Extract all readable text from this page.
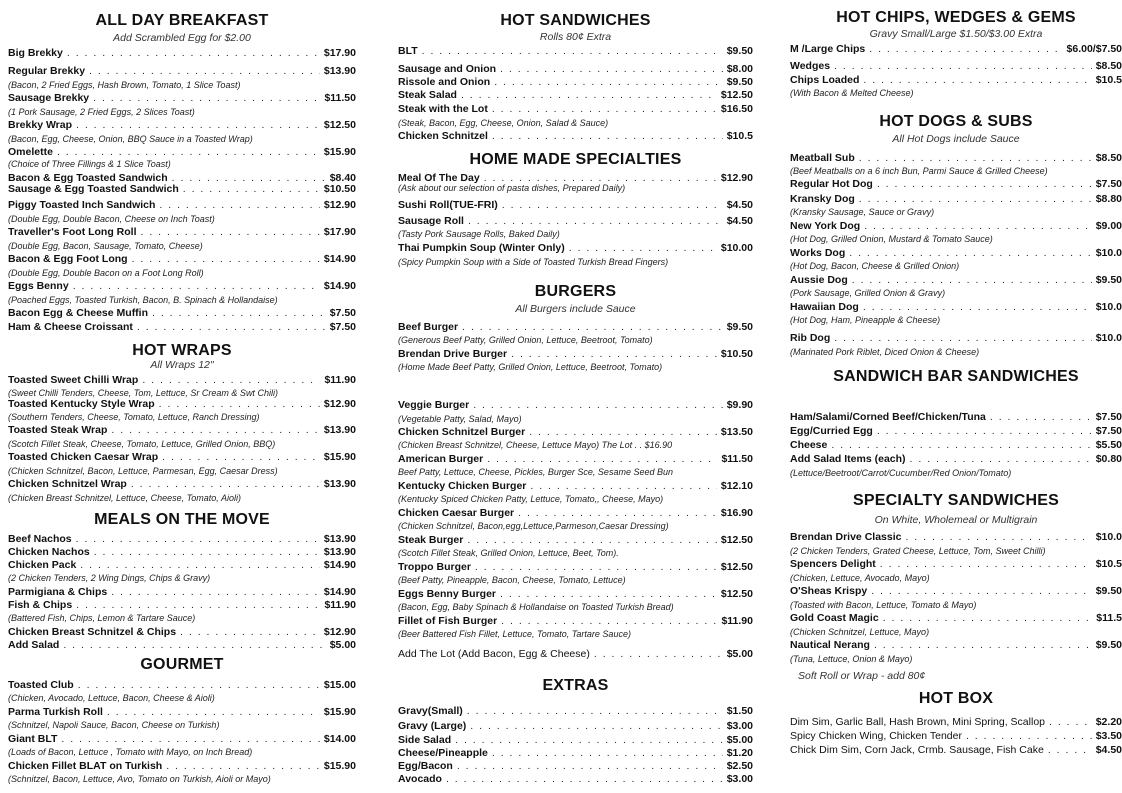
ALL DAY BREAKFAST
Add Scrambled Egg for $2.00
Big Brekky . . .	$17.90
Regular Brekky . . .	$13.90
(Bacon, 2 Fried Eggs, Hash Brown, Tomato, 1 Slice Toast)
Sausage Brekky . . .	$11.50
(1 Pork Sausage, 2 Fried Eggs, 2 Slices Toast)
Brekky Wrap . . .	$12.50
(Bacon, Egg, Cheese, Onion, BBQ Sauce in a Toasted Wrap)
Omelette . . .	$15.90
(Choice of Three Fillings & 1 Slice Toast)
Bacon & Egg Toasted Sandwich . . .	$8.40
Sausage & Egg Toasted Sandwich . . .	$10.50
Piggy Toasted Inch Sandwich . . .	$12.90
(Double Egg, Double Bacon, Cheese on Inch Toast)
Traveller's Foot Long Roll . . .	$17.90
(Double Egg, Bacon, Sausage, Tomato, Cheese)
Bacon & Egg Foot Long . . .	$14.90
(Double Egg, Double Bacon on a Foot Long Roll)
Eggs Benny . . .	$14.90
(Poached Eggs, Toasted Turkish, Bacon, B. Spinach & Hollandaise)
Bacon Egg & Cheese Muffin . . .	$7.50
Ham & Cheese Croissant . . .	$7.50
HOT WRAPS
All Wraps 12"
Toasted Sweet Chilli Wrap . . .	$11.90
(Sweet Chilli Tenders, Cheese, Tom, Lettuce, Sr Cream & Swt Chili)
Toasted Kentucky Style Wrap . . .	$12.90
(Southern Tenders, Cheese, Tomato, Lettuce, Ranch Dressing)
Toasted Steak Wrap . . .	$13.90
(Scotch Fillet Steak, Cheese, Tomato, Lettuce, Grilled Onion, BBQ)
Toasted Chicken Caesar Wrap . . .	$15.90
(Chicken Schnitzel, Bacon, Lettuce, Parmesan, Egg, Caesar Dress)
Chicken Schnitzel Wrap . . .	$13.90
(Chicken Breast Schnitzel, Lettuce, Cheese, Tomato, Aioli)
MEALS ON THE MOVE
Beef Nachos . . .	$13.90
Chicken Nachos . . .	$13.90
Chicken Pack . . .	$14.90
(2 Chicken Tenders, 2 Wing Dings, Chips & Gravy)
Parmigiana & Chips . . .	$14.90
Fish & Chips . . .	$11.90
(Battered Fish, Chips, Lemon & Tartare Sauce)
Chicken Breast Schnitzel & Chips . . .	$12.90
Add Salad . . .	$5.00
GOURMET
Toasted Club . . .	$15.00
(Chicken, Avocado, Lettuce, Bacon, Cheese & Aioli)
Parma Turkish Roll . . .	$15.90
(Schnitzel, Napoli Sauce, Bacon, Cheese on Turkish)
Giant BLT . . .	$14.00
(Loads of Bacon, Lettuce , Tomato with Mayo, on Inch Bread)
Chicken Fillet BLAT on Turkish . . .	$15.90
(Schnitzel, Bacon, Lettuce, Avo, Tomato on Turkish, Aioli or Mayo)
HOT SANDWICHES
Rolls 80¢ Extra
BLT . . .	$9.50
Sausage and Onion . . .	$8.00
Rissole and Onion . . .	$9.50
Steak Salad . . .	$12.50
Steak with the Lot . . .	$16.50
(Steak, Bacon, Egg, Cheese, Onion, Salad & Sauce)
Chicken Schnitzel . . .	$10.5
HOME MADE SPECIALTIES
Meal Of The Day . . .	$12.90
(Ask about our selection of pasta dishes, Prepared Daily)
Sushi Roll(TUE-FRI) . . .	$4.50
Sausage Roll . . .	$4.50
(Tasty Pork Sausage Rolls, Baked Daily)
Thai Pumpkin Soup (Winter Only) . . .	$10.00
(Spicy Pumpkin Soup with a Side of Toasted Turkish Bread Fingers)
BURGERS
All Burgers include Sauce
Beef Burger . . .	$9.50
(Generous Beef Patty, Grilled Onion, Lettuce, Beetroot, Tomato)
Brendan Drive Burger . . .	$10.50
(Home Made Beef Patty, Grilled Onion, Lettuce, Beetroot, Tomato)
Veggie Burger . . .	$9.90
(Vegetable Patty, Salad, Mayo)
Chicken Schnitzel Burger . . .	$13.50
(Chicken Breast Schnitzel, Cheese, Lettuce Mayo) The Lot . . $16.90
American Burger . . .	$11.50
Beef Patty, Lettuce, Cheese, Pickles, Burger Sce, Sesame Seed Bun
Kentucky Chicken Burger . . .	$12.10
(Kentucky Spiced Chicken Patty, Lettuce, Tomato,, Cheese, Mayo)
Chicken Caesar Burger . . .	$16.90
(Chicken Schnitzel, Bacon,egg,Lettuce,Parmeson,Caesar Dressing)
Steak Burger . . .	$12.50
(Scotch Fillet Steak, Grilled Onion, Lettuce, Beet, Tom).
Troppo Burger . . .	$12.50
(Beef Patty, Pineapple, Bacon, Cheese, Tomato, Lettuce)
Eggs Benny Burger . . .	$12.50
(Bacon, Egg, Baby Spinach & Hollandaise on Toasted Turkish Bread)
Fillet of Fish Burger . . .	$11.90
(Beer Battered Fish Fillet, Lettuce, Tomato, Tartare Sauce)
Add The Lot (Add Bacon, Egg & Cheese) . . .	$5.00
EXTRAS
Gravy(Small) . . .	$1.50
Gravy (Large) . . .	$3.00
Side Salad . . .	$5.00
Cheese/Pineapple . . .	$1.20
Egg/Bacon . . .	$2.50
Avocado . . .	$3.00
HOT CHIPS, WEDGES & GEMS
Gravy Small/Large $1.50/$3.00 Extra
M /Large Chips . . .	$6.00/$7.50
Wedges . . .	$8.50
Chips Loaded . . .	$10.5
(With Bacon & Melted Cheese)
HOT DOGS & SUBS
All Hot Dogs include Sauce
Meatball Sub . . .	$8.50
(Beef Meatballs on a 6 inch Bun, Parmi Sauce & Grilled Cheese)
Regular Hot Dog . . .	$7.50
Kransky Dog . . .	$8.80
(Kransky Sausage, Sauce or Gravy)
New York Dog . . .	$9.00
(Hot Dog, Grilled Onion, Mustard & Tomato Sauce)
Works Dog . . .	$10.0
(Hot Dog, Bacon, Cheese & Grilled Onion)
Aussie Dog . . .	$9.50
(Pork Sausage, Grilled Onion & Gravy)
Hawaiian Dog . . .	$10.0
(Hot Dog, Ham, Pineapple & Cheese)
Rib Dog . . .	$10.0
(Marinated Pork Riblet, Diced Onion & Cheese)
SANDWICH BAR SANDWICHES
Ham/Salami/Corned Beef/Chicken/Tuna . . .	$7.50
Egg/Curried Egg . . .	$7.50
Cheese . . .	$5.50
Add Salad Items (each) . . .	$0.80
(Lettuce/Beetroot/Carrot/Cucumber/Red Onion/Tomato)
SPECIALTY SANDWICHES
On White, Wholemeal or Multigrain
Brendan Drive Classic . . .	$10.0
(2 Chicken Tenders, Grated Cheese, Lettuce, Tom, Sweet Chilli)
Spencers Delight . . .	$10.5
(Chicken, Lettuce, Avocado, Mayo)
O'Sheas Krispy . . .	$9.50
(Toasted with Bacon, Lettuce, Tomato & Mayo)
Gold Coast Magic . . .	$11.5
(Chicken Schnitzel, Lettuce, Mayo)
Nautical Nerang . . .	$9.50
(Tuna, Lettuce, Onion & Mayo)
Soft Roll or Wrap - add 80¢
HOT BOX
Dim Sim, Garlic Ball, Hash Brown, Mini Spring, Scallop . . .	$2.20
Spicy Chicken Wing, Chicken Tender . . .	$3.50
Chick Dim Sim, Corn Jack, Crmb. Sausage, Fish Cake . . .	$4.50
